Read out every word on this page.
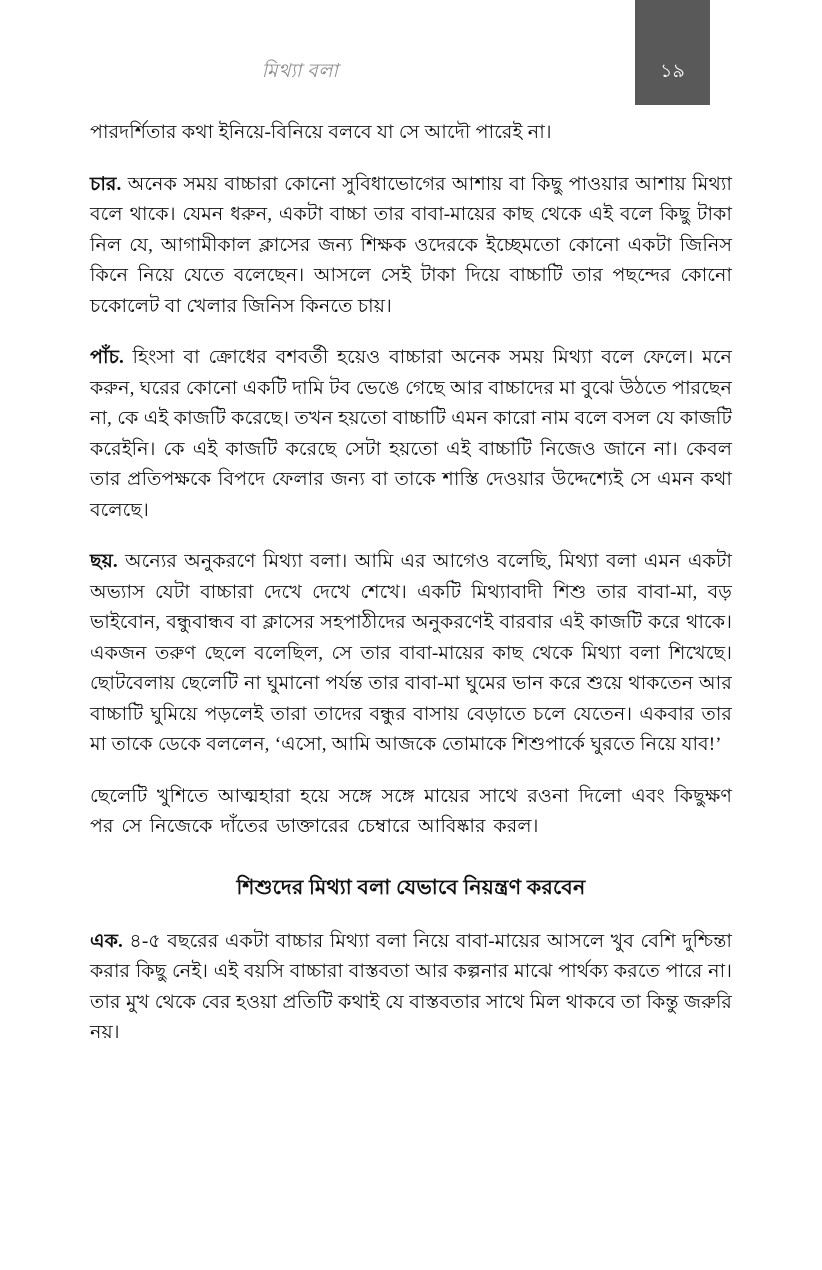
মিথ্যা বলা	১৯

পারদর্শিতার কথা ইনিয়ে-বিনিয়ে বলবে যা সে আদৌ পারেই না।

চার. অনেক সময় বাচ্চারা কোনো সুবিধাভোগের আশায় বা কিছু পাওয়ার আশায় মিথ্যা বলে থাকে। যেমন ধরুন, একটা বাচ্চা তার বাবা-মায়ের কাছ থেকে এই বলে কিছু টাকা নিল যে, আগামীকাল ক্লাসের জন্য শিক্ষক ওদেরকে ইচ্ছেমতো কোনো একটা জিনিস কিনে নিয়ে যেতে বলেছেন। আসলে সেই টাকা দিয়ে বাচ্চাটি তার পছন্দের কোনো চকোলেট বা খেলার জিনিস কিনতে চায়।

পাঁচ. হিংসা বা ক্রোধের বশবর্তী হয়েও বাচ্চারা অনেক সময় মিথ্যা বলে ফেলে। মনে করুন, ঘরের কোনো একটি দামি টব ভেঙে গেছে আর বাচ্চাদের মা বুঝে উঠতে পারছেন না, কে এই কাজটি করেছে। তখন হয়তো বাচ্চাটি এমন কারো নাম বলে বসল যে কাজটি করেইনি। কে এই কাজটি করেছে সেটা হয়তো এই বাচ্চাটি নিজেও জানে না। কেবল তার প্রতিপক্ষকে বিপদে ফেলার জন্য বা তাকে শাস্তি দেওয়ার উদ্দেশ্যেই সে এমন কথা বলেছে।

ছয়. অন্যের অনুকরণে মিথ্যা বলা। আমি এর আগেও বলেছি, মিথ্যা বলা এমন একটা অভ্যাস যেটা বাচ্চারা দেখে দেখে শেখে। একটি মিথ্যাবাদী শিশু তার বাবা-মা, বড় ভাইবোন, বন্ধুবান্ধব বা ক্লাসের সহপাঠীদের অনুকরণেই বারবার এই কাজটি করে থাকে। একজন তরুণ ছেলে বলেছিল, সে তার বাবা-মায়ের কাছ থেকে মিথ্যা বলা শিখেছে। ছোটবেলায় ছেলেটি না ঘুমানো পর্যন্ত তার বাবা-মা ঘুমের ভান করে শুয়ে থাকতেন আর বাচ্চাটি ঘুমিয়ে পড়লেই তারা তাদের বন্ধুর বাসায় বেড়াতে চলে যেতেন। একবার তার মা তাকে ডেকে বললেন, ‘এসো, আমি আজকে তোমাকে শিশুপার্কে ঘুরতে নিয়ে যাব!’

ছেলেটি খুশিতে আত্মহারা হয়ে সঙ্গে সঙ্গে মায়ের সাথে রওনা দিলো এবং কিছুক্ষণ পর সে নিজেকে দাঁতের ডাক্তারের চেম্বারে আবিষ্কার করল।

শিশুদের মিথ্যা বলা যেভাবে নিয়ন্ত্রণ করবেন

এক. ৪-৫ বছরের একটা বাচ্চার মিথ্যা বলা নিয়ে বাবা-মায়ের আসলে খুব বেশি দুশ্চিন্তা করার কিছু নেই। এই বয়সি বাচ্চারা বাস্তবতা আর কল্পনার মাঝে পার্থক্য করতে পারে না। তার মুখ থেকে বের হওয়া প্রতিটি কথাই যে বাস্তবতার সাথে মিল থাকবে তা কিন্তু জরুরি নয়।
